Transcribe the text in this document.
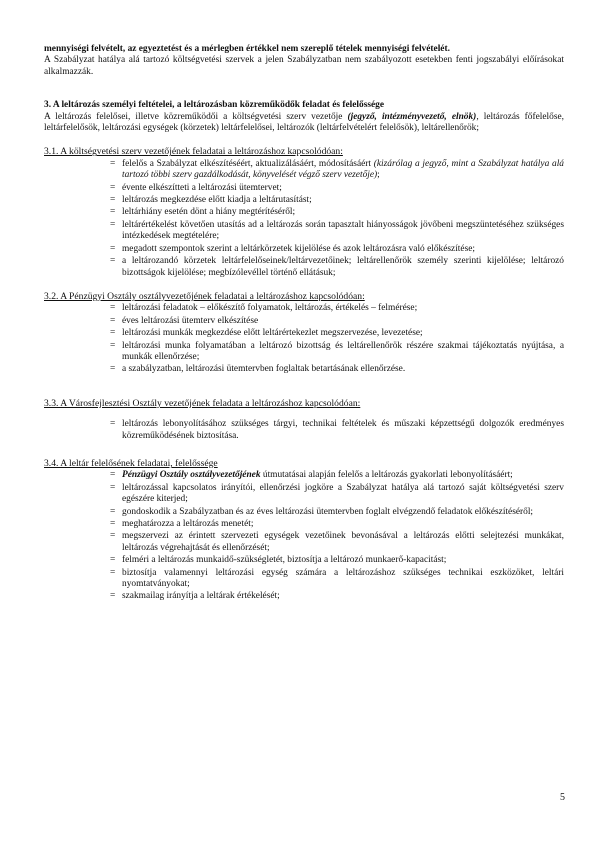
mennyiségi felvételt, az egyeztetést és a mérlegben értékkel nem szereplő tételek mennyiségi felvételét.

A Szabályzat hatálya alá tartozó költségvetési szervek a jelen Szabályzatban nem szabályozott esetekben fenti jogszabályi előírásokat alkalmazzák.

3. A leltározás személyi feltételei, a leltározásban közreműködők feladat és felelőssége

A leltározás felelősei, illetve közreműködői a költségvetési szerv vezetője (jegyző, intézményvezető, elnök), leltározás főfelelőse, leltárfelelősök, leltározási egységek (körzetek) leltárfelelősei, leltározók (leltárfelvételért felelősök), leltárellenőrök;

3.1. A költségvetési szerv vezetőjének feladatai a leltározáshoz kapcsolódóan:

= felelős a Szabályzat elkészítéséért, aktualizálásáért, módosításáért (kizárólag a jegyző, mint a Szabályzat hatálya alá tartozó többi szerv gazdálkodását, könyvelését végző szerv vezetője);
= évente elkészítteti a leltározási ütemtervet;
= leltározás megkezdése előtt kiadja a leltárutasítást;
= leltárhiány esetén dönt a hiány megtérítéséről;
= leltárértékelést követően utasítás ad a leltározás során tapasztalt hiányosságok jövőbeni megszüntetéséhez szükséges intézkedések megtételére;
= megadott szempontok szerint a leltárkörzetek kijelölése és azok leltározásra való előkészítése;
= a leltározandó körzetek leltárfelelőseinek/leltárvezetőinek; leltárellenőrök személy szerinti kijelölése; leltározó bizottságok kijelölése; megbízólevéllel történő ellátásuk;

3.2. A Pénzügyi Osztály osztályvezetőjének feladatai a leltározáshoz kapcsolódóan:

= leltározási feladatok – előkészítő folyamatok, leltározás, értékelés – felmérése;
= éves leltározási ütemterv elkészítése
= leltározási munkák megkezdése előtt leltárértekezlet megszervezése, levezetése;
= leltározási munka folyamatában a leltározó bizottság és leltárellenőrök részére szakmai tájékoztatás nyújtása, a munkák ellenőrzése;
= a szabályzatban, leltározási ütemtervben foglaltak betartásának ellenőrzése.

3.3. A Városfejlesztési Osztály vezetőjének feladata a leltározáshoz kapcsolódóan:

= leltározás lebonyolításához szükséges tárgyi, technikai feltételek és műszaki képzettségű dolgozók eredményes közreműködésének biztosítása.

3.4. A leltár felelősének feladatai, felelőssége

= Pénzügyi Osztály osztályvezetőjének útmutatásai alapján felelős a leltározás gyakorlati lebonyolításáért;
= leltározással kapcsolatos irányítói, ellenőrzési jogköre a Szabályzat hatálya alá tartozó saját költségvetési szerv egészére kiterjed;
= gondoskodik a Szabályzatban és az éves leltározási ütemtervben foglalt elvégzendő feladatok előkészítéséről;
= meghatározza a leltározás menetét;
= megszervezi az érintett szervezeti egységek vezetőinek bevonásával a leltározás előtti selejtezési munkákat, leltározás végrehajtását és ellenőrzését;
= felméri a leltározás munkaidő-szükségletét, biztosítja a leltározó munkaerő-kapacitást;
= biztosítja valamennyi leltározási egység számára a leltározáshoz szükséges technikai eszközöket, leltári nyomtatványokat;
= szakmailag irányítja a leltárak értékelését;
5
